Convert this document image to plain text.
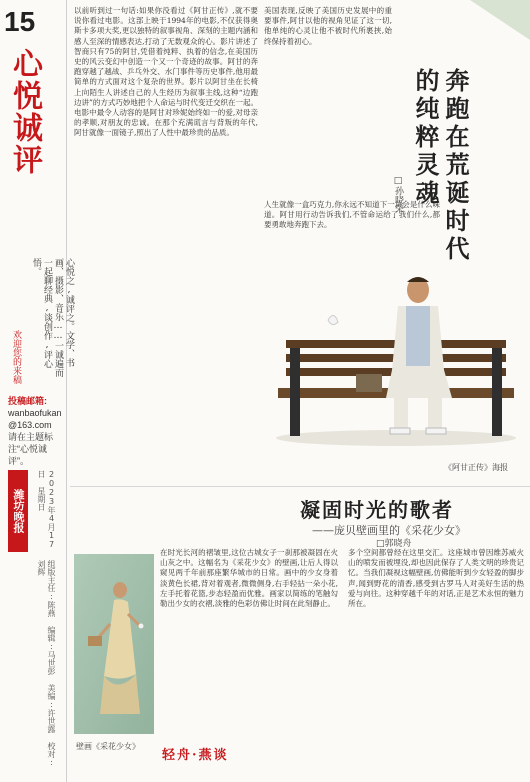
15
心悦诚评
心悦之,诚评之。文学、书画、摄影、音乐……一诚遍而一起聊经典,谈创作,评心悟。
欢迎您的来稿
投稿邮箱:
wanbaofukan
@163.com
请在主题标注“心悦诚评”。
潍坊晚报	2023年4月17日 星期日
组版主任:陈燕 编辑:马世彭 美编:许世露 校对:刘辉
以前听到过一句话:如果你没看过《阿甘正传》,就不要说你看过电影。这部上映于1994年的电影,不仅获得奥斯卡多项大奖,更以独特的叙事视角、深刻的主题内涵和感人至深的情感表达,打动了无数观众的心。影片讲述了智商只有75的阿甘,凭借着纯粹、执着的信念,在美国历史的风云变幻中创造一个又一个奇迹的故事。阿甘的奔跑穿越了越战、乒乓外交、水门事件等历史事件,他用最简单的方式面对这个复杂的世界。影片以阿甘坐在长椅上向陌生人讲述自己的人生经历为叙事主线,这种“边跑边讲”的方式巧妙地把个人命运与时代变迁交织在一起。电影中最令人动容的是阿甘对珍妮始终如一的爱,对母亲的孝顺,对朋友的忠诚。在那个充满谎言与背叛的年代,阿甘就像一面镜子,照出了人性中最珍贵的品质。
美国表现,反映了美国历史发展中的重要事件,阿甘以他的视角见证了这一切,他单纯的心灵让他不被时代所裹挟,始终保持着初心。
人生就像一盒巧克力,你永远不知道下一块会是什么味道。阿甘用行动告诉我们,不管命运给了我们什么,都要勇敢地奔跑下去。	奔跑在荒诞时代的纯粹灵魂
□孙晓荣
《阿甘正传》海报
凝固时光的歌者
——庞贝壁画里的《采花少女》
□郭晓舟
壁画《采花少女》
在时光长河的褶皱里,这位古城女子一刹那被凝固在火山灰之中。这幅名为《采花少女》的壁画,让后人得以窥见两千年前那座繁华城市的日常。画中的少女身着淡黄色长裙,背对着观者,微微侧身,右手轻拈一朵小花,左手托着花篮,步态轻盈而优雅。画家以简练的笔触勾勒出少女的衣褶,淡雅的色彩仿佛让时间在此刻静止。
多个空间都曾经在这里交汇。这座城市曾因维苏威火山的喷发而被埋没,却也因此保存了人类文明的珍贵记忆。当我们凝视这幅壁画,仿佛能听到少女轻盈的脚步声,闻到野花的清香,感受到古罗马人对美好生活的热爱与向往。这种穿越千年的对话,正是艺术永恒的魅力所在。
轻舟·燕谈
